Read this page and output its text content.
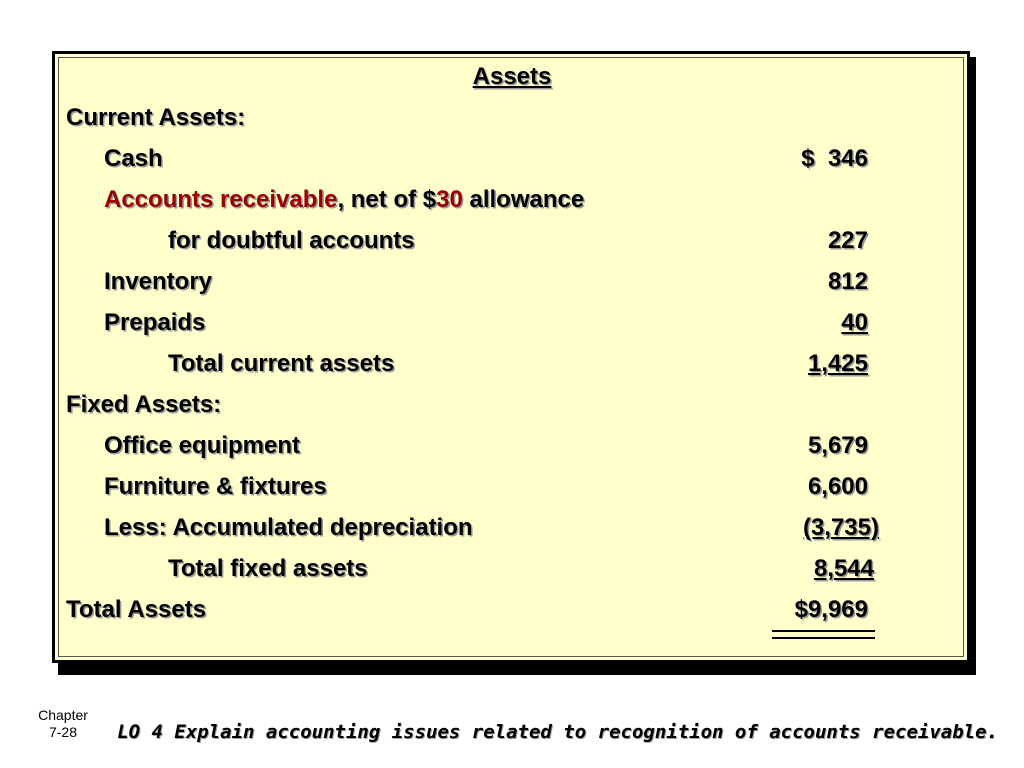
Assets
Current Assets:
Cash
Accounts receivable, net of $30 allowance
for doubtful accounts
Inventory
Prepaids
Total current assets
Fixed Assets:
Office equipment
Furniture & fixtures
Less: Accumulated depreciation
Total fixed assets
Total Assets
$  346
227
812
40
1,425
5,679
6,600
(3,735)
8,544
$9,969
Chapter
7-28	LO 4 Explain accounting issues related to recognition of accounts receivable.
